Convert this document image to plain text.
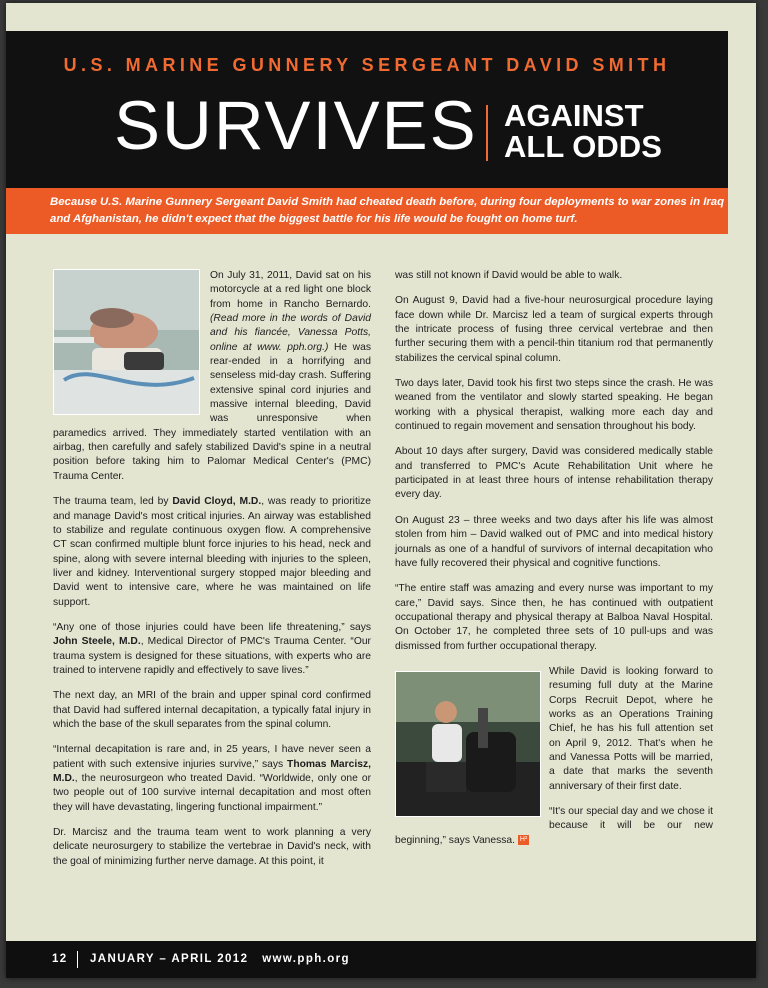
U.S. MARINE GUNNERY SERGEANT DAVID SMITH
SURVIVES AGAINST
ALL ODDS
Because U.S. Marine Gunnery Sergeant David Smith had cheated death before, during four deployments to war zones in Iraq and Afghanistan, he didn't expect that the biggest battle for his life would be fought on home turf.

On July 31, 2011, David sat on his motorcycle at a red light one block from home in Rancho Bernardo. (Read more in the words of David and his fiancée, Vanessa Potts, online at www. pph.org.) He was rear-ended in a horrifying and senseless mid-day crash. Suffering extensive spinal cord injuries and massive internal bleeding, David was unresponsive when paramedics arrived. They immediately started ventilation with an airbag, then carefully and safely stabilized David's spine in a neutral position before taking him to Palomar Medical Center's (PMC) Trauma Center.

The trauma team, led by David Cloyd, M.D., was ready to prioritize and manage David's most critical injuries. An airway was established to stabilize and regulate continuous oxygen flow. A comprehensive CT scan confirmed multiple blunt force injuries to his head, neck and spine, along with severe internal bleeding with injuries to the spleen, liver and kidney. Interventional surgery stopped major bleeding and David went to intensive care, where he was maintained on life support.

“Any one of those injuries could have been life threatening,” says John Steele, M.D., Medical Director of PMC's Trauma Center. “Our trauma system is designed for these situations, with experts who are trained to intervene rapidly and effectively to save lives.”

The next day, an MRI of the brain and upper spinal cord confirmed that David had suffered internal decapitation, a typically fatal injury in which the base of the skull separates from the spinal column.

“Internal decapitation is rare and, in 25 years, I have never seen a patient with such extensive injuries survive,” says Thomas Marcisz, M.D., the neurosurgeon who treated David. “Worldwide, only one or two people out of 100 survive internal decapitation and most often they will have devastating, lingering functional impairment.”

Dr. Marcisz and the trauma team went to work planning a very delicate neurosurgery to stabilize the vertebrae in David's neck, with the goal of minimizing further nerve damage. At this point, it

was still not known if David would be able to walk.

On August 9, David had a five-hour neurosurgical procedure laying face down while Dr. Marcisz led a team of surgical experts through the intricate process of fusing three cervical vertebrae and then further securing them with a pencil-thin titanium rod that permanently stabilizes the cervical spinal column.

Two days later, David took his first two steps since the crash. He was weaned from the ventilator and slowly started speaking. He began working with a physical therapist, walking more each day and continued to regain movement and sensation throughout his body.

About 10 days after surgery, David was considered medically stable and transferred to PMC's Acute Rehabilitation Unit where he participated in at least three hours of intense rehabilitation therapy every day.

On August 23 – three weeks and two days after his life was almost stolen from him – David walked out of PMC and into medical history journals as one of a handful of survivors of internal decapitation who have fully recovered their physical and cognitive functions.

“The entire staff was amazing and every nurse was important to my care,” David says. Since then, he has continued with outpatient occupational therapy and physical therapy at Balboa Naval Hospital. On October 17, he completed three sets of 10 pull-ups and was dismissed from further occupational therapy.

While David is looking forward to resuming full duty at the Marine Corps Recruit Depot, where he works as an Operations Training Chief, he has his full attention set on April 9, 2012. That's when he and Vanessa Potts will be married, a date that marks the seventh anniversary of their first date.

“It's our special day and we chose it because it will be our new beginning,” says Vanessa. H²

12 JANUARY – APRIL 2012 www.pph.org
